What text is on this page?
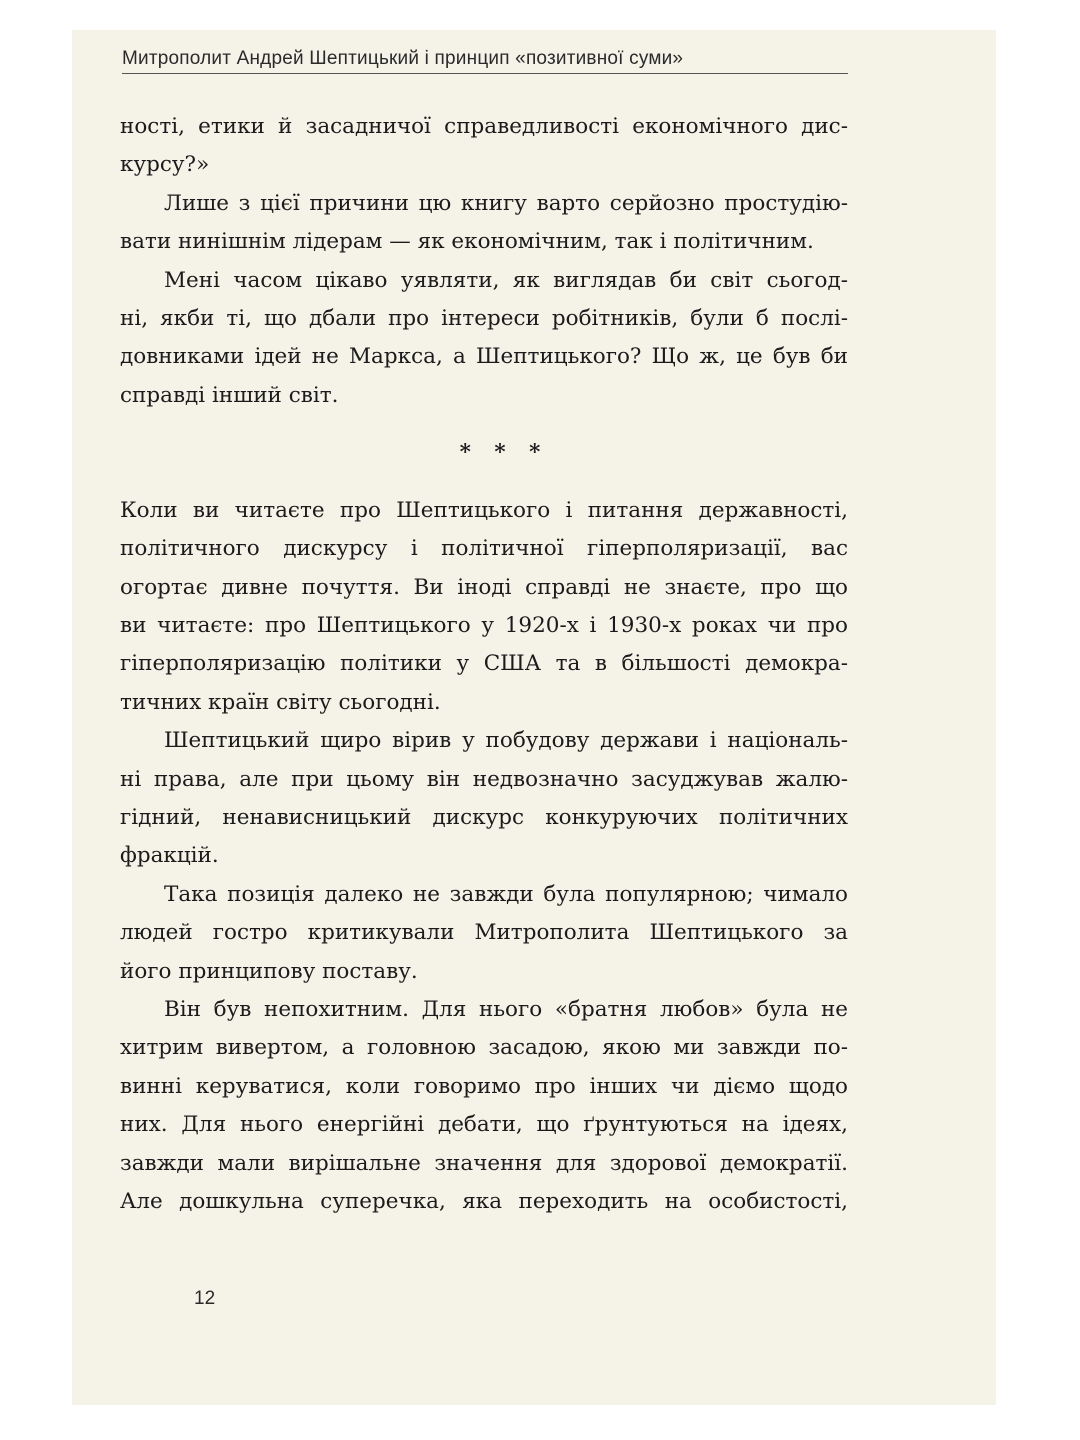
Митрополит Андрей Шептицький і принцип «позитивної суми»
ності, етики й засадничої справедливості економічного дис-
курсу?»
Лише з цієї причини цю книгу варто серйозно простудію-
вати нинішнім лідерам — як економічним, так і політичним.
Мені часом цікаво уявляти, як виглядав би світ сьогод-
ні, якби ті, що дбали про інтереси робітників, були б послі-
довниками ідей не Маркса, а Шептицького? Що ж, це був би
справді інший світ.
* * *
Коли ви читаєте про Шептицького і питання державності,
політичного дискурсу і політичної гіперполяризації, вас
огортає дивне почуття. Ви іноді справді не знаєте, про що
ви читаєте: про Шептицького у 1920-х і 1930-х роках чи про
гіперполяризацію політики у США та в більшості демокра-
тичних країн світу сьогодні.
Шептицький щиро вірив у побудову держави і національ-
ні права, але при цьому він недвозначно засуджував жалю-
гідний, ненависницький дискурс конкуруючих політичних
фракцій.
Така позиція далеко не завжди була популярною; чимало
людей гостро критикували Митрополита Шептицького за
його принципову поставу.
Він був непохитним. Для нього «братня любов» була не
хитрим вивертом, а головною засадою, якою ми завжди по-
винні керуватися, коли говоримо про інших чи діємо щодо
них. Для нього енергійні дебати, що ґрунтуються на ідеях,
завжди мали вирішальне значення для здорової демократії.
Але дошкульна суперечка, яка переходить на особистості,
12
